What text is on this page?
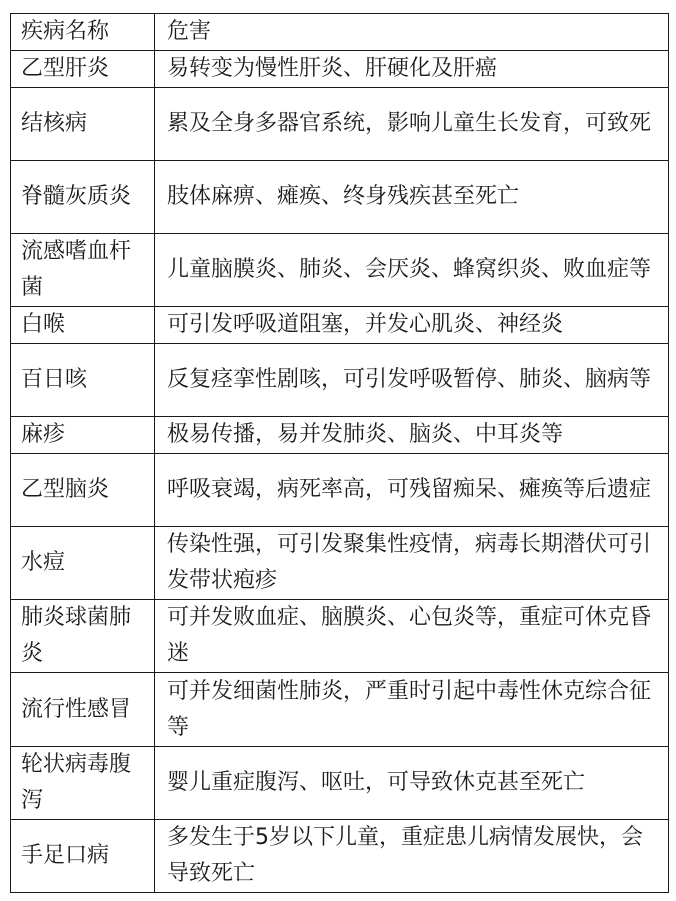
疾病名称	危害

乙型肝炎	易转变为慢性肝炎、肝硬化及肝癌

结核病	累及全身多器官系统，影响儿童生长发育，可致死

脊髓灰质炎	肢体麻痹、瘫痪、终身残疾甚至死亡

流感嗜血杆菌	儿童脑膜炎、肺炎、会厌炎、蜂窝织炎、败血症等

白喉	可引发呼吸道阻塞，并发心肌炎、神经炎

百日咳	反复痉挛性剧咳，可引发呼吸暂停、肺炎、脑病等

麻疹	极易传播，易并发肺炎、脑炎、中耳炎等

乙型脑炎	呼吸衰竭，病死率高，可残留痴呆、瘫痪等后遗症

水痘	传染性强，可引发聚集性疫情，病毒长期潜伏可引发带状疱疹

肺炎球菌肺炎	可并发败血症、脑膜炎、心包炎等，重症可休克昏迷

流行性感冒	可并发细菌性肺炎，严重时引起中毒性休克综合征等

轮状病毒腹泻	婴儿重症腹泻、呕吐，可导致休克甚至死亡

手足口病	多发生于5岁以下儿童，重症患儿病情发展快，会导致死亡
